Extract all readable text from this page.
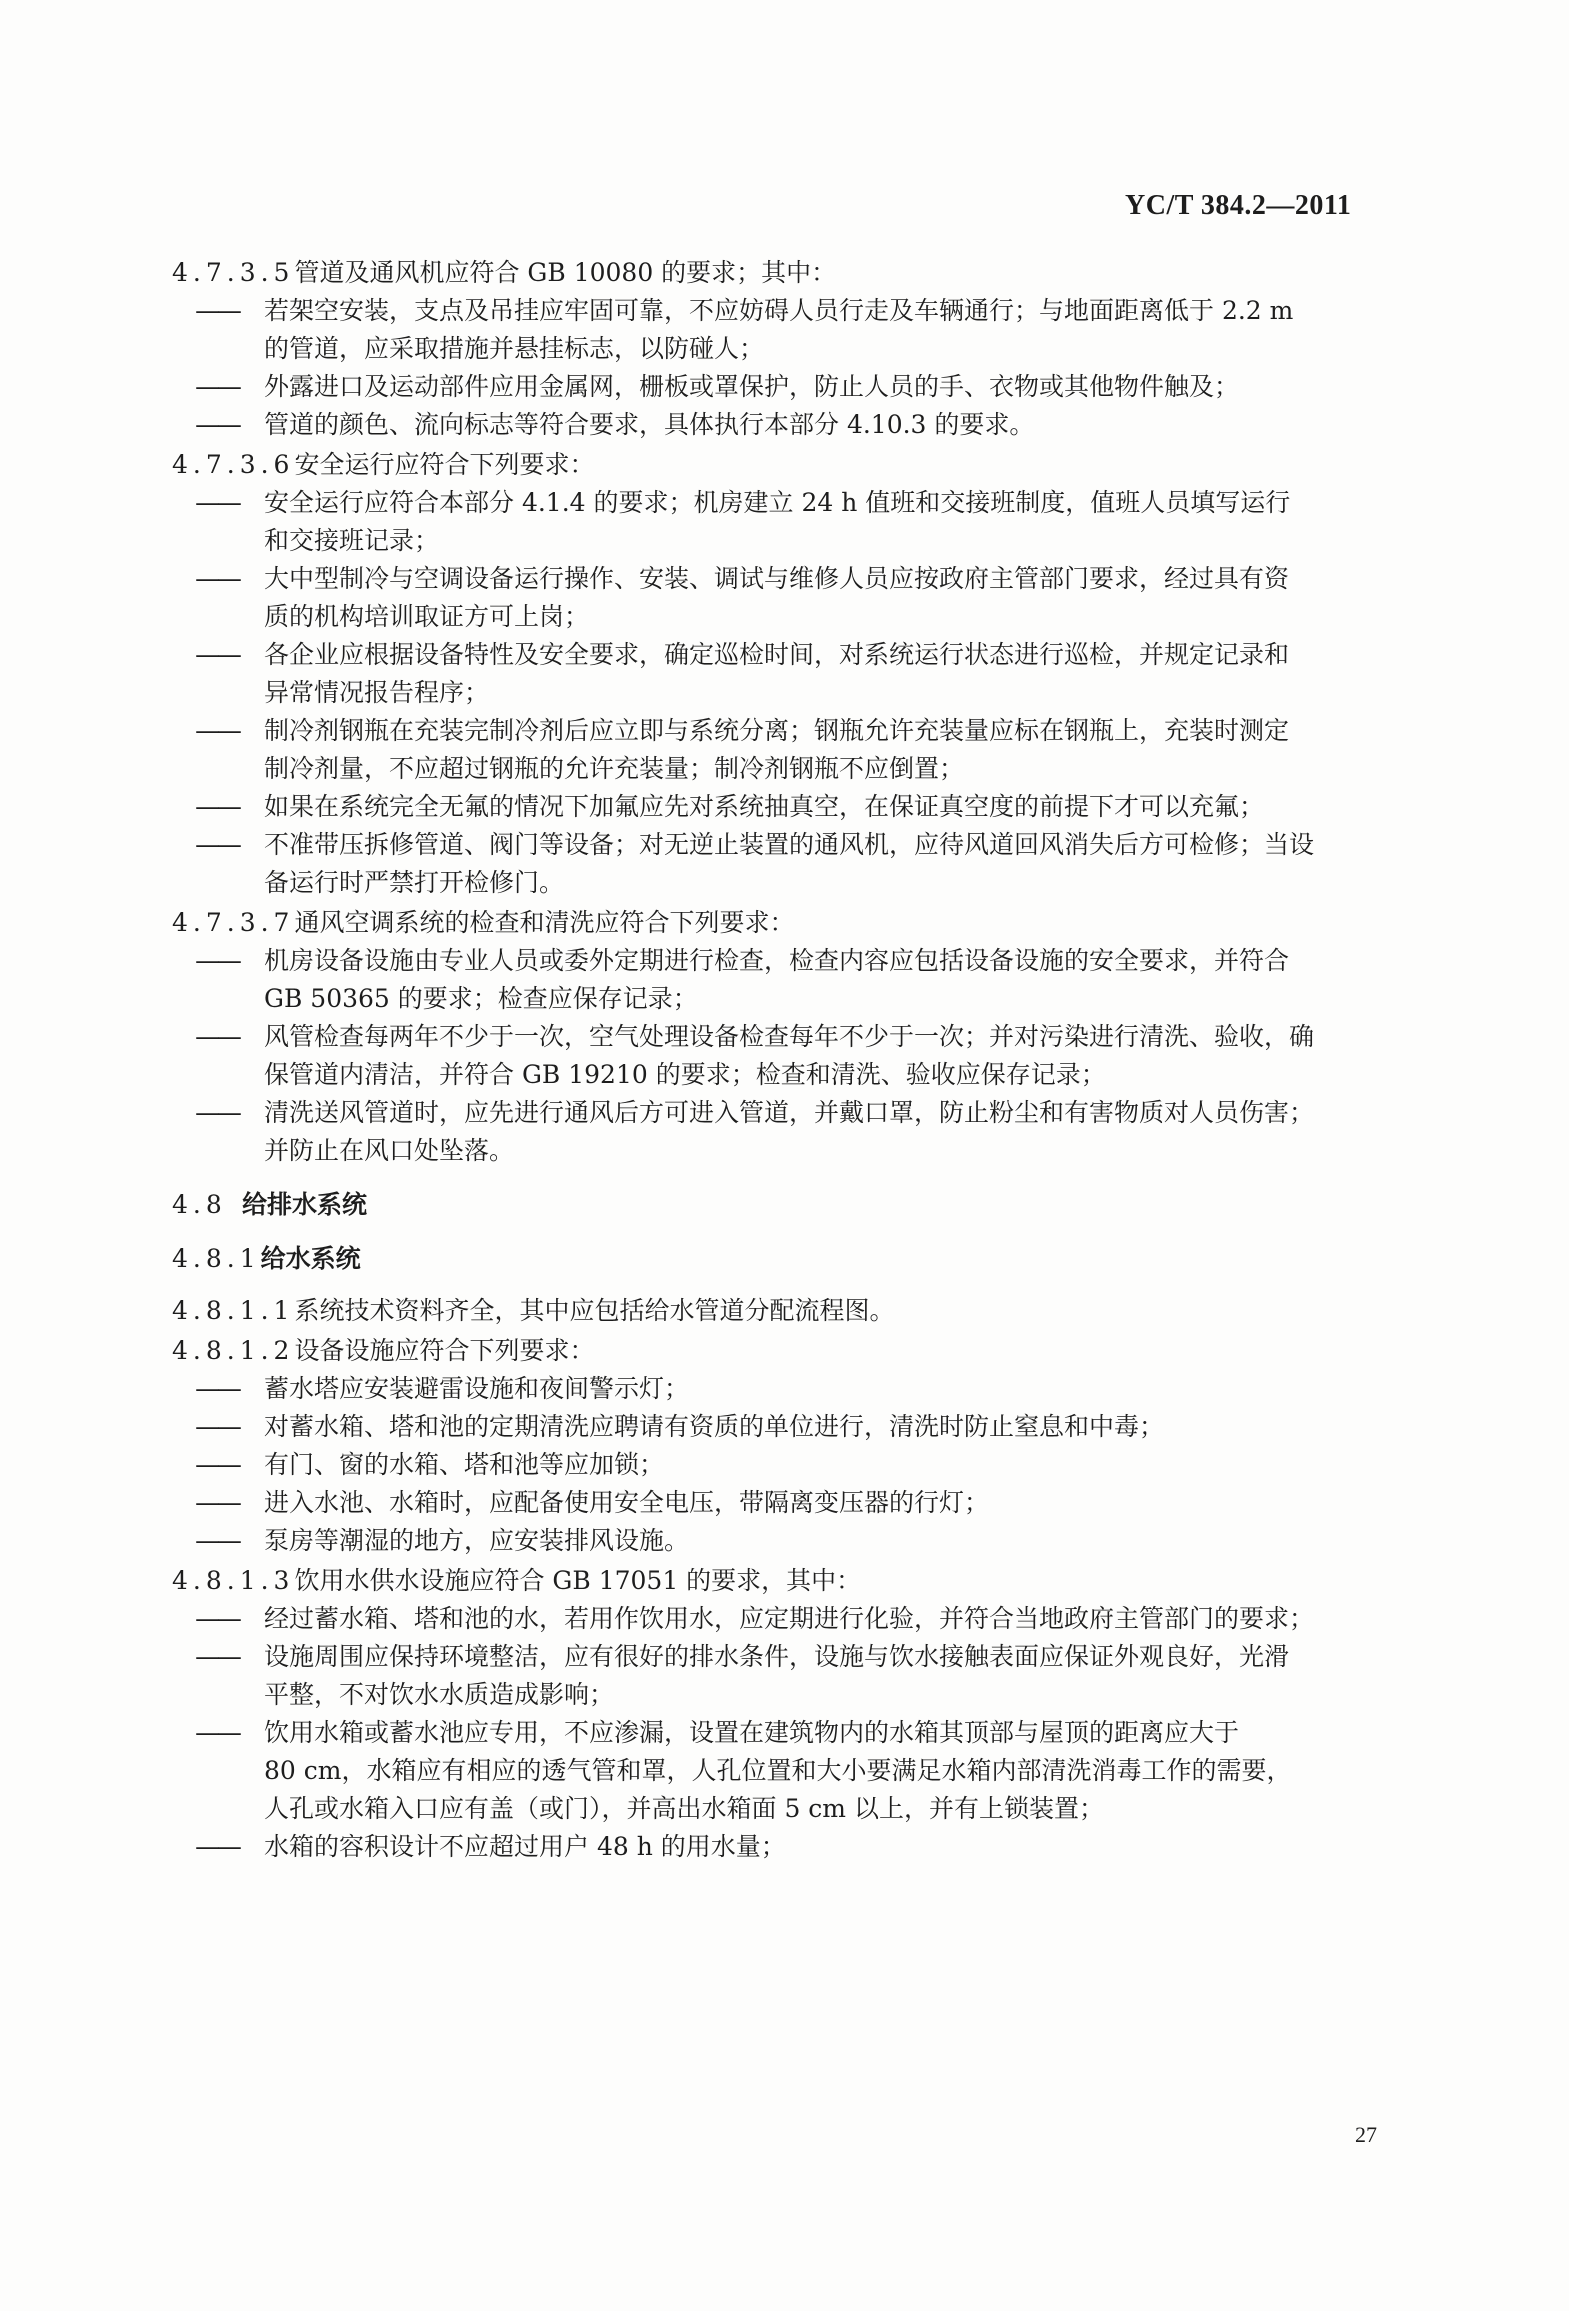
YC/T 384.2—2011
4.7.3.5管道及通风机应符合 GB 10080 的要求；其中：
—— 若架空安装，支点及吊挂应牢固可靠，不应妨碍人员行走及车辆通行；与地面距离低于 2.2 m
的管道，应采取措施并悬挂标志，以防碰人；
—— 外露进口及运动部件应用金属网，栅板或罩保护，防止人员的手、衣物或其他物件触及；
—— 管道的颜色、流向标志等符合要求，具体执行本部分 4.10.3 的要求。
4.7.3.6安全运行应符合下列要求：
—— 安全运行应符合本部分 4.1.4 的要求；机房建立 24 h 值班和交接班制度，值班人员填写运行
和交接班记录；
—— 大中型制冷与空调设备运行操作、安装、调试与维修人员应按政府主管部门要求，经过具有资
质的机构培训取证方可上岗；
—— 各企业应根据设备特性及安全要求，确定巡检时间，对系统运行状态进行巡检，并规定记录和
异常情况报告程序；
—— 制冷剂钢瓶在充装完制冷剂后应立即与系统分离；钢瓶允许充装量应标在钢瓶上，充装时测定
制冷剂量，不应超过钢瓶的允许充装量；制冷剂钢瓶不应倒置；
—— 如果在系统完全无氟的情况下加氟应先对系统抽真空，在保证真空度的前提下才可以充氟；
—— 不准带压拆修管道、阀门等设备；对无逆止装置的通风机，应待风道回风消失后方可检修；当设
备运行时严禁打开检修门。
4.7.3.7通风空调系统的检查和清洗应符合下列要求：
—— 机房设备设施由专业人员或委外定期进行检查，检查内容应包括设备设施的安全要求，并符合
GB 50365 的要求；检查应保存记录；
—— 风管检查每两年不少于一次，空气处理设备检查每年不少于一次；并对污染进行清洗、验收，确
保管道内清洁，并符合 GB 19210 的要求；检查和清洗、验收应保存记录；
—— 清洗送风管道时，应先进行通风后方可进入管道，并戴口罩，防止粉尘和有害物质对人员伤害；
并防止在风口处坠落。
4.8 给排水系统
4.8.1给水系统
4.8.1.1系统技术资料齐全，其中应包括给水管道分配流程图。
4.8.1.2设备设施应符合下列要求：
—— 蓄水塔应安装避雷设施和夜间警示灯；
—— 对蓄水箱、塔和池的定期清洗应聘请有资质的单位进行，清洗时防止窒息和中毒；
—— 有门、窗的水箱、塔和池等应加锁；
—— 进入水池、水箱时，应配备使用安全电压，带隔离变压器的行灯；
—— 泵房等潮湿的地方，应安装排风设施。
4.8.1.3饮用水供水设施应符合 GB 17051 的要求，其中：
—— 经过蓄水箱、塔和池的水，若用作饮用水，应定期进行化验，并符合当地政府主管部门的要求；
—— 设施周围应保持环境整洁，应有很好的排水条件，设施与饮水接触表面应保证外观良好，光滑
平整，不对饮水水质造成影响；
—— 饮用水箱或蓄水池应专用，不应渗漏，设置在建筑物内的水箱其顶部与屋顶的距离应大于
80 cm，水箱应有相应的透气管和罩，人孔位置和大小要满足水箱内部清洗消毒工作的需要，
人孔或水箱入口应有盖（或门），并高出水箱面 5 cm 以上，并有上锁装置；
—— 水箱的容积设计不应超过用户 48 h 的用水量；
27
